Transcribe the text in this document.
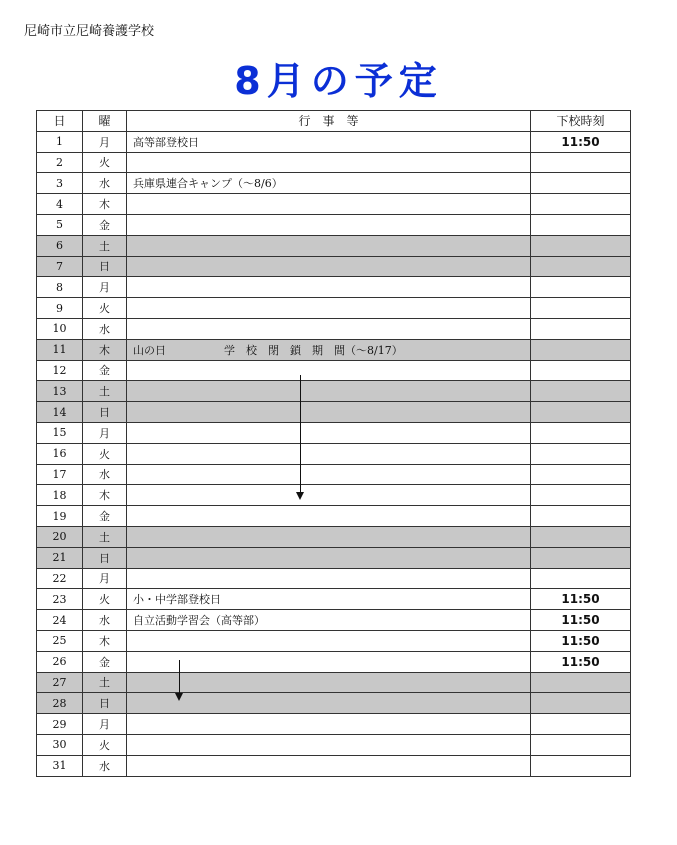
尼崎市立尼崎養護学校
8月の予定
日	曜	行　事　等	下校時刻
1	月	高等部登校日	11:50
2	火		
3	水	兵庫県連合キャンプ（～8/6）	
4	木		
5	金		
6	土		
7	日		
8	月		
9	火		
10	水		
11	木	山の日 学　校　閉　鎖　期　間（～8/17）	
12	金		
13	土		
14	日		
15	月		
16	火		
17	水		
18	木		
19	金		
20	土		
21	日		
22	月		
23	火	小・中学部登校日	11:50
24	水	自立活動学習会（高等部）	11:50
25	木		11:50
26	金		11:50
27	土		
28	日		
29	月		
30	火		
31	水		
